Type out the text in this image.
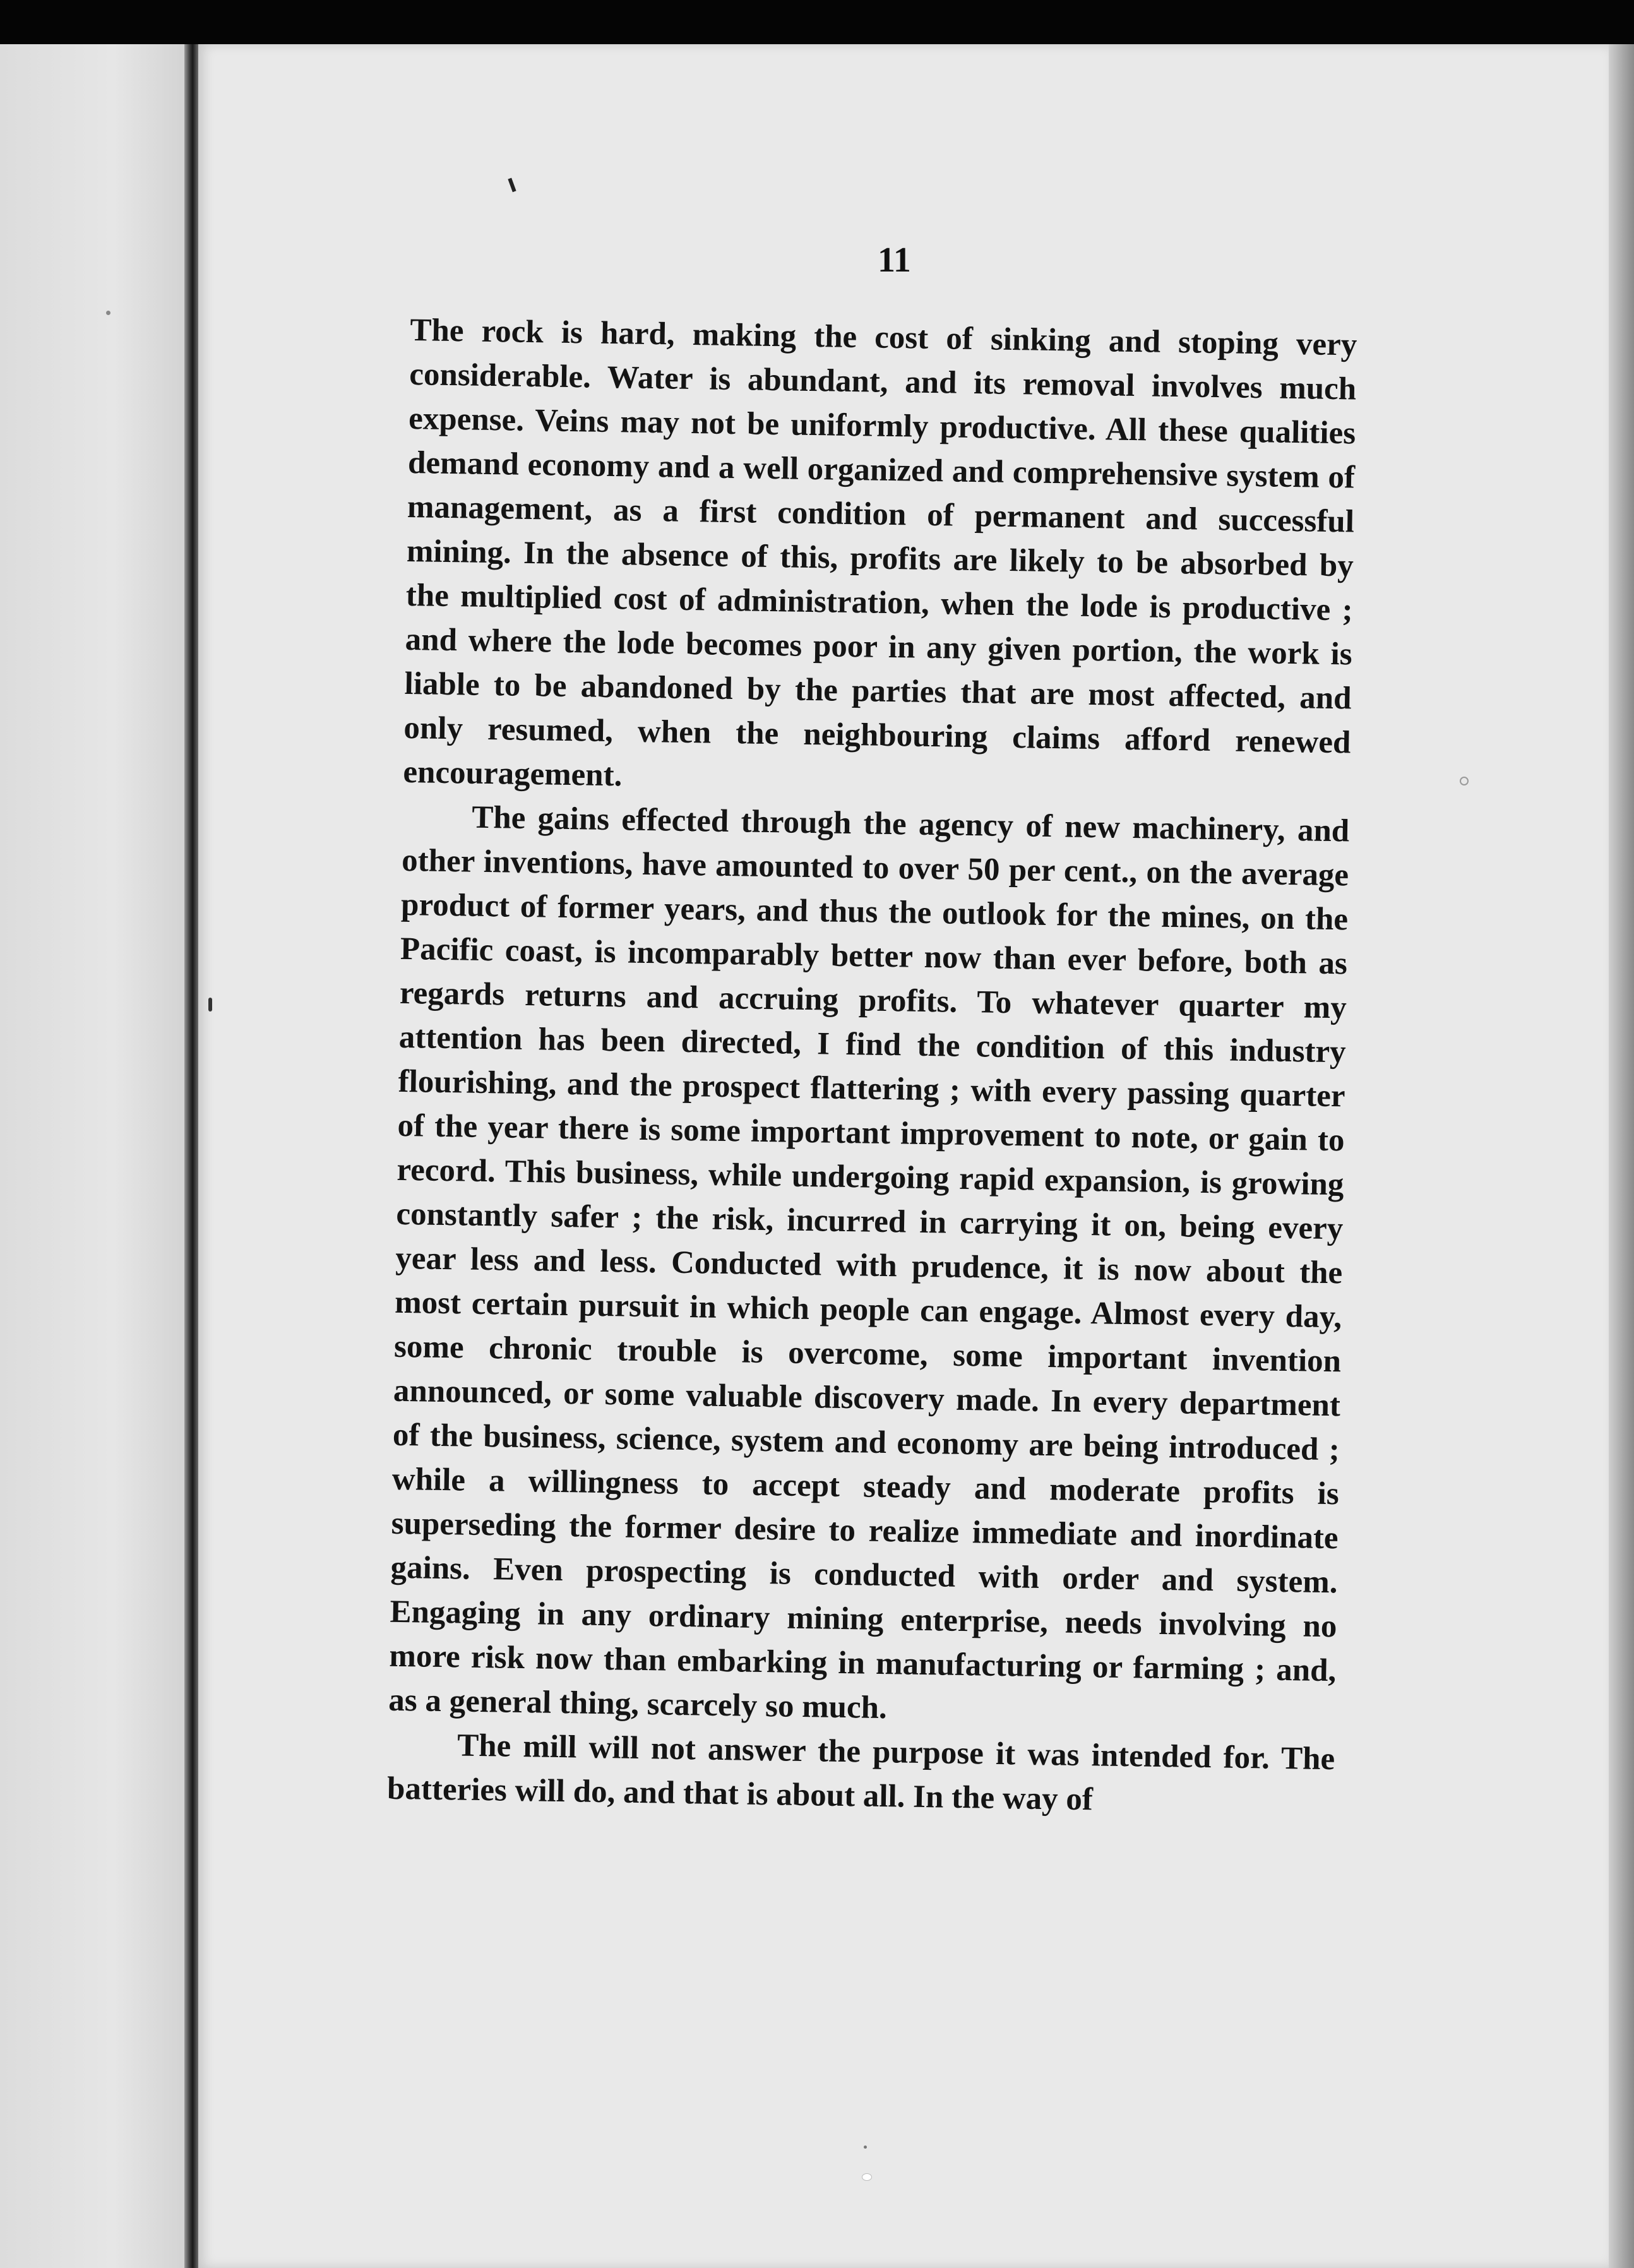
11

The rock is hard, making the cost of sinking and stoping very considerable. Water is abundant, and its removal involves much expense. Veins may not be uniformly productive. All these qualities demand economy and a well organized and comprehensive system of management, as a first condition of permanent and successful mining. In the absence of this, profits are likely to be absorbed by the multiplied cost of administration, when the lode is productive ; and where the lode becomes poor in any given portion, the work is liable to be abandoned by the parties that are most affected, and only resumed, when the neighbouring claims afford renewed encouragement.

The gains effected through the agency of new machinery, and other inventions, have amounted to over 50 per cent., on the average product of former years, and thus the outlook for the mines, on the Pacific coast, is incomparably better now than ever before, both as regards returns and accruing profits. To whatever quarter my attention has been directed, I find the condition of this industry flourishing, and the prospect flattering ; with every passing quarter of the year there is some important improvement to note, or gain to record. This business, while undergoing rapid expansion, is growing constantly safer ; the risk, incurred in carrying it on, being every year less and less. Conducted with prudence, it is now about the most certain pursuit in which people can engage. Almost every day, some chronic trouble is overcome, some important invention announced, or some valuable discovery made. In every department of the business, science, system and economy are being introduced ; while a willingness to accept steady and moderate profits is superseding the former desire to realize immediate and inordinate gains. Even prospecting is conducted with order and system. Engaging in any ordinary mining enterprise, needs involving no more risk now than embarking in manufacturing or farming ; and, as a general thing, scarcely so much.

The mill will not answer the purpose it was intended for. The batteries will do, and that is about all. In the way of
